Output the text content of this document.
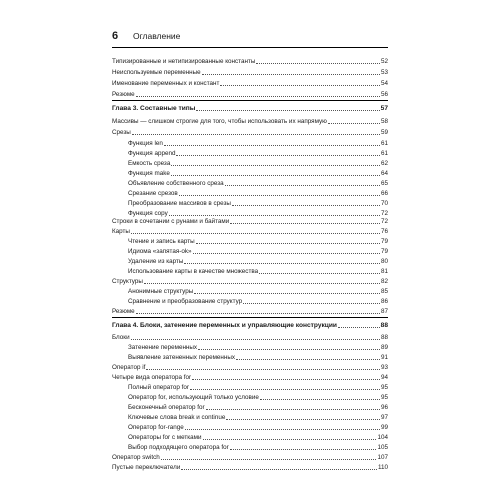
6 Оглавление
Типизированные и нетипизированные константы	52
Неиспользуемые переменные	53
Именование переменных и констант	54
Резюме	56
Глава 3. Составные типы	57
Массивы — слишком строгие для того, чтобы использовать их напрямую	58
Срезы	59
Функция len	61
Функция append	61
Емкость среза	62
Функция make	64
Объявление собственного среза	65
Срезание срезов	66
Преобразование массивов в срезы	70
Функция copy	72
Строки в сочетании с рунами и байтами	72
Карты	76
Чтение и запись карты	79
Идиома «запятая-ok»	79
Удаление из карты	80
Использование карты в качестве множества	81
Структуры	82
Анонимные структуры	85
Сравнение и преобразование структур	86
Резюме	87
Глава 4. Блоки, затенение переменных и управляющие конструкции	88
Блоки	88
Затенение переменных	89
Выявление затененных переменных	91
Оператор if	93
Четыре вида оператора for	94
Полный оператор for	95
Оператор for, использующий только условие	95
Бесконечный оператор for	96
Ключевые слова break и continue	97
Оператор for-range	99
Операторы for с метками	104
Выбор подходящего оператора for	105
Оператор switch	107
Пустые переключатели	110
